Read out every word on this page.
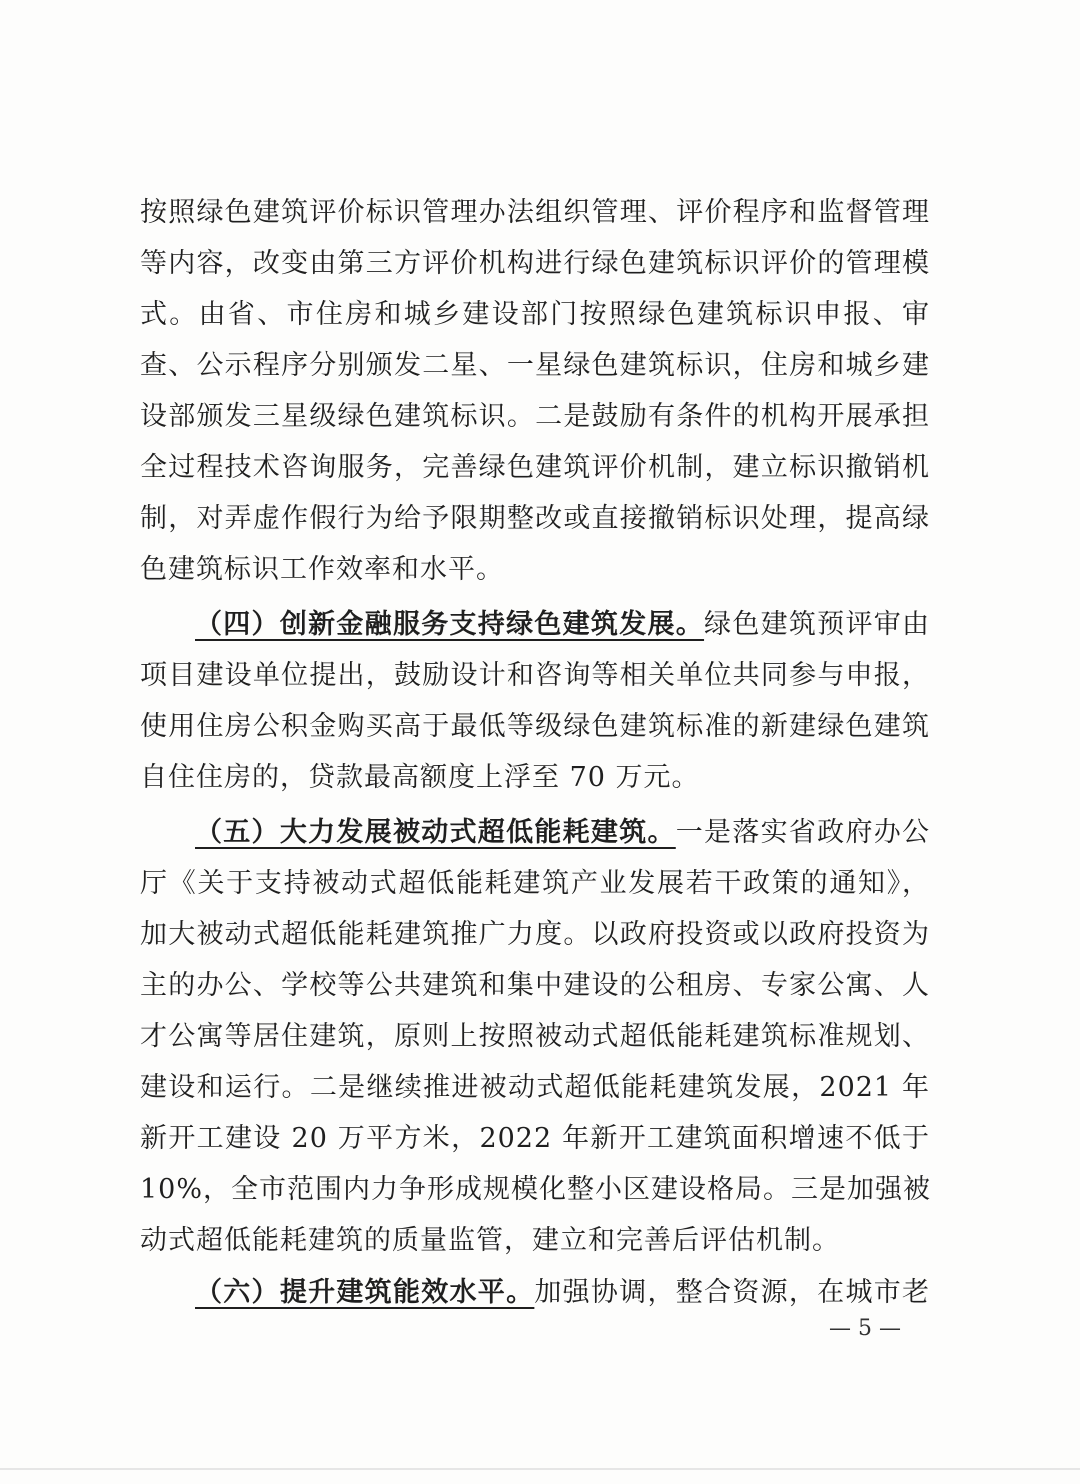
按照绿色建筑评价标识管理办法组织管理、评价程序和监督管理
等内容，改变由第三方评价机构进行绿色建筑标识评价的管理模
式。由省、市住房和城乡建设部门按照绿色建筑标识申报、审
查、公示程序分别颁发二星、一星绿色建筑标识，住房和城乡建
设部颁发三星级绿色建筑标识。二是鼓励有条件的机构开展承担
全过程技术咨询服务，完善绿色建筑评价机制，建立标识撤销机
制，对弄虚作假行为给予限期整改或直接撤销标识处理，提高绿
色建筑标识工作效率和水平。
（四）创新金融服务支持绿色建筑发展。绿色建筑预评审由
项目建设单位提出，鼓励设计和咨询等相关单位共同参与申报，
使用住房公积金购买高于最低等级绿色建筑标准的新建绿色建筑
自住住房的，贷款最高额度上浮至 70 万元。
（五）大力发展被动式超低能耗建筑。一是落实省政府办公
厅《关于支持被动式超低能耗建筑产业发展若干政策的通知》，
加大被动式超低能耗建筑推广力度。以政府投资或以政府投资为
主的办公、学校等公共建筑和集中建设的公租房、专家公寓、人
才公寓等居住建筑，原则上按照被动式超低能耗建筑标准规划、
建设和运行。二是继续推进被动式超低能耗建筑发展，2021 年
新开工建设 20 万平方米，2022 年新开工建筑面积增速不低于
10%，全市范围内力争形成规模化整小区建设格局。三是加强被
动式超低能耗建筑的质量监管，建立和完善后评估机制。
（六）提升建筑能效水平。加强协调，整合资源，在城市老
— 5 —
